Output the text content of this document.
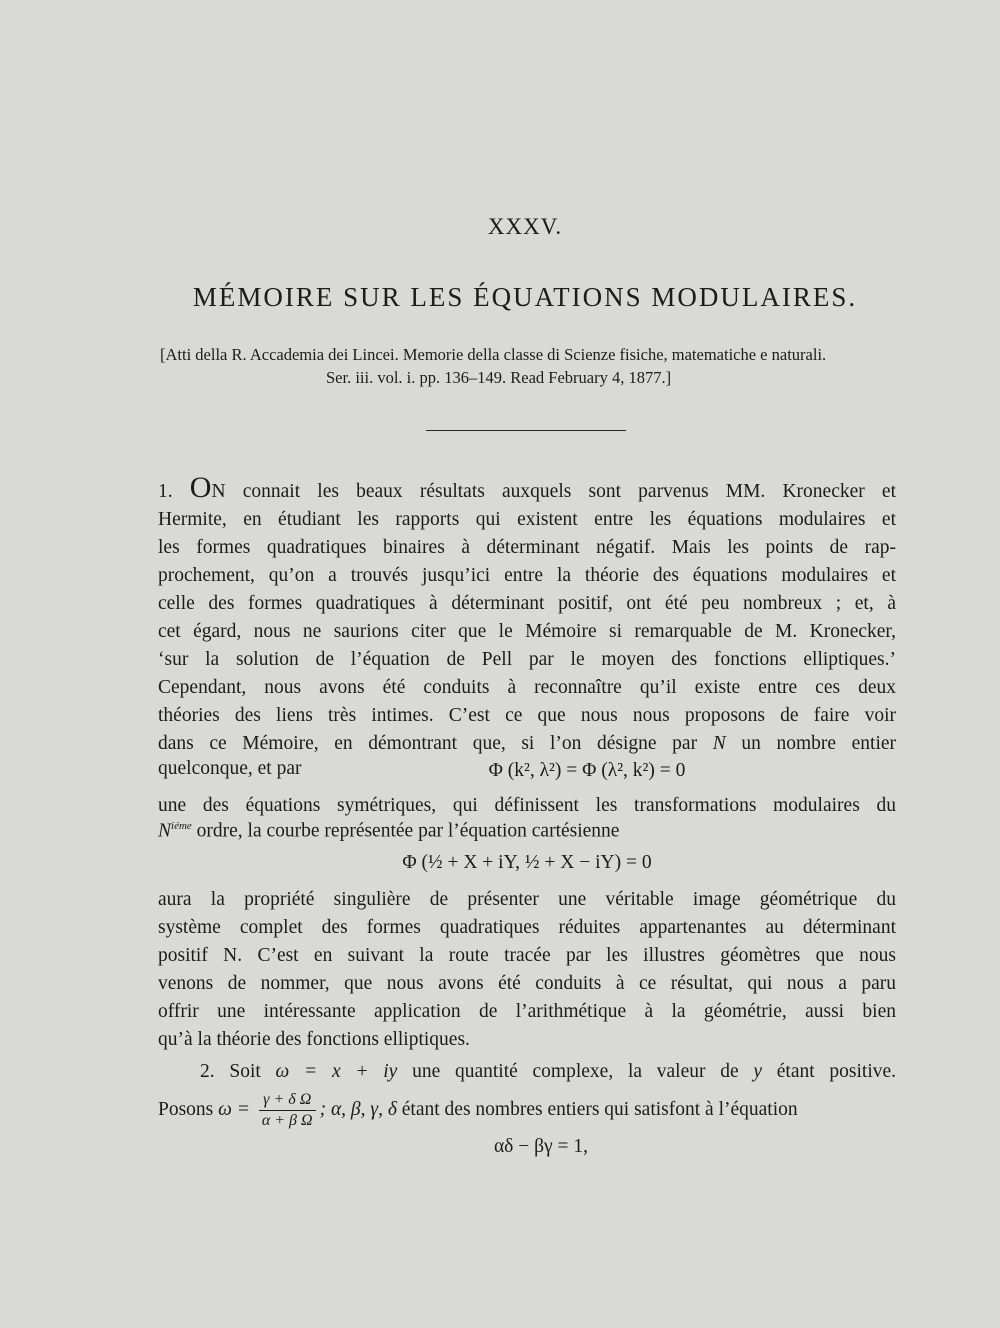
XXXV.
MÉMOIRE SUR LES ÉQUATIONS MODULAIRES.
[Atti della R. Accademia dei Lincei. Memorie della classe di Scienze fisiche, matematiche e naturali.
Ser. iii. vol. i. pp. 136–149. Read February 4, 1877.]
1. ON connait les beaux résultats auxquels sont parvenus MM. Kronecker et
Hermite, en étudiant les rapports qui existent entre les équations modulaires et
les formes quadratiques binaires à déterminant négatif. Mais les points de rap-
prochement, qu’on a trouvés jusqu’ici entre la théorie des équations modulaires et
celle des formes quadratiques à déterminant positif, ont été peu nombreux ; et, à
cet égard, nous ne saurions citer que le Mémoire si remarquable de M. Kronecker,
‘sur la solution de l’équation de Pell par le moyen des fonctions elliptiques.’
Cependant, nous avons été conduits à reconnaître qu’il existe entre ces deux
théories des liens très intimes. C’est ce que nous nous proposons de faire voir
dans ce Mémoire, en démontrant que, si l’on désigne par N un nombre entier
quelconque, et par	Φ (k², λ²) = Φ (λ², k²) = 0
une des équations symétriques, qui définissent les transformations modulaires du
$N^{iéme}$ ordre, la courbe représentée par l’équation cartésienne
Φ (½ + X + iY, ½ + X − iY) = 0
aura la propriété singulière de présenter une véritable image géométrique du
système complet des formes quadratiques réduites appartenantes au déterminant
positif N. C’est en suivant la route tracée par les illustres géomètres que nous
venons de nommer, que nous avons été conduits à ce résultat, qui nous a paru
offrir une intéressante application de l’arithmétique à la géométrie, aussi bien
qu’à la théorie des fonctions elliptiques.
2. Soit ω = x + iy une quantité complexe, la valeur de y étant positive.
Posons $\omega = \frac{\text{γ + δ Ω}}{\text{α + β Ω}}$ ; α, β, γ, δ étant des nombres entiers qui satisfont à l’équation
αδ − βγ = 1,
